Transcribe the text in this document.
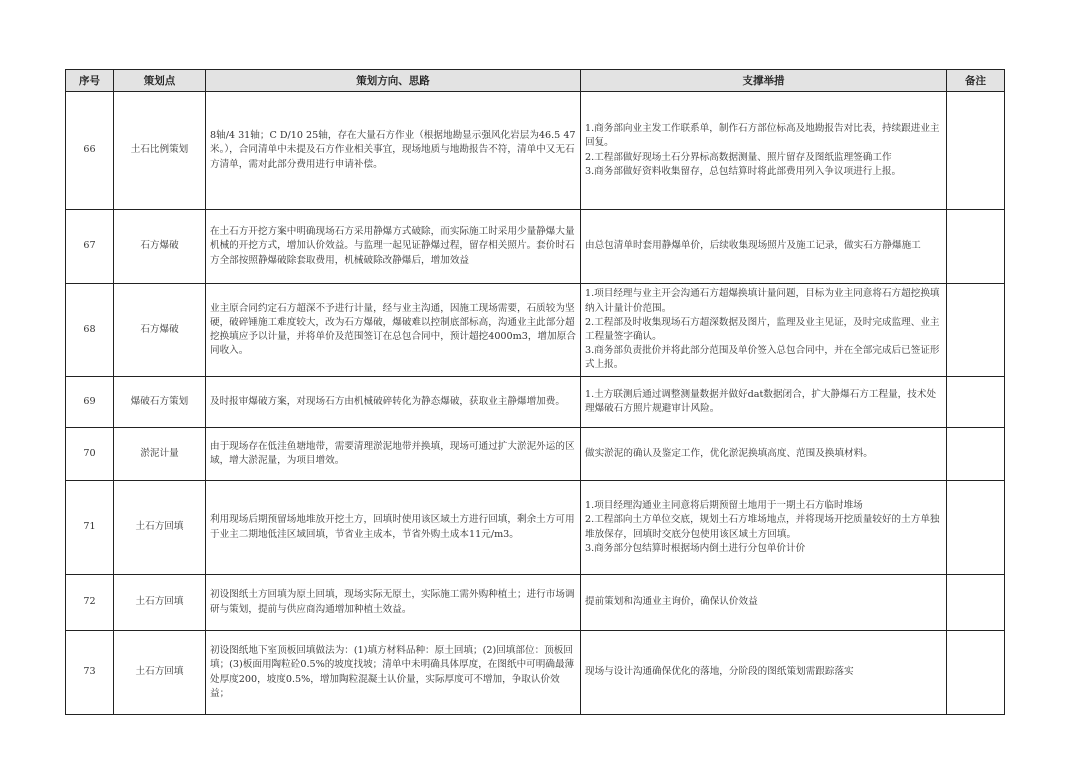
序号	策划点	策划方向、思路	支撑举措	备注
66	土石比例策划	8轴/4 31轴；C D/10 25轴，存在大量石方作业（根据地勘显示强风化岩层为46.5 47米。），合同清单中未提及石方作业相关事宜，现场地质与地勘报告不符，清单中又无石方清单，需对此部分费用进行申请补偿。	1.商务部向业主发工作联系单，制作石方部位标高及地勘报告对比表，持续跟进业主回复。
2.工程部做好现场土石分界标高数据测量、照片留存及图纸监理签确工作
3.商务部做好资料收集留存，总包结算时将此部费用列入争议项进行上报。	

67	石方爆破	在土石方开挖方案中明确现场石方采用静爆方式破除，而实际施工时采用少量静爆大量机械的开挖方式，增加认价效益。与监理一起见证静爆过程，留存相关照片。套价时石方全部按照静爆破除套取费用，机械破除改静爆后，增加效益	由总包清单时套用静爆单价，后续收集现场照片及施工记录，做实石方静爆施工	

68	石方爆破	业主原合同约定石方超深不予进行计量，经与业主沟通，因施工现场需要，石质较为坚硬，破碎锤施工难度较大，改为石方爆破，爆破难以控制底部标高，沟通业主此部分超挖换填应予以计量，并将单价及范围签订在总包合同中，预计超挖4000m3，增加原合同收入。	1.项目经理与业主开会沟通石方超爆换填计量问题，目标为业主同意将石方超挖换填纳入计量计价范围。
2.工程部及时收集现场石方超深数据及图片，监理及业主见证，及时完成监理、业主工程量签字确认。
3.商务部负责批价并将此部分范围及单价签入总包合同中，并在全部完成后已签证形式上报。	

69	爆破石方策划	及时报审爆破方案，对现场石方由机械破碎转化为静态爆破，获取业主静爆增加费。	1.土方联测后通过调整测量数据并做好dat数据闭合，扩大静爆石方工程量，技术处理爆破石方照片规避审计风险。	

70	淤泥计量	由于现场存在低洼鱼塘地带，需要清理淤泥地带并换填，现场可通过扩大淤泥外运的区域，增大淤泥量，为项目增效。	做实淤泥的确认及鉴定工作，优化淤泥换填高度、范围及换填材料。	

71	土石方回填	利用现场后期预留场地堆放开挖土方，回填时使用该区域土方进行回填，剩余土方可用于业主二期地低洼区域回填，节省业主成本，节省外购土成本11元/m3。	1.项目经理沟通业主同意将后期预留土地用于一期土石方临时堆场
2.工程部向土方单位交底，规划土石方堆场地点，并将现场开挖质量较好的土方单独堆放保存，回填时交底分包使用该区域土方回填。
3.商务部分包结算时根据场内倒土进行分包单价计价	

72	土石方回填	初设图纸土方回填为原土回填，现场实际无原土，实际施工需外购种植土；进行市场调研与策划，提前与供应商沟通增加种植土效益。	提前策划和沟通业主询价，确保认价效益	

73	土石方回填	初设图纸地下室顶板回填做法为：(1)填方材料品种：原土回填；(2)回填部位：顶板回填；(3)板面用陶粒砼0.5%的坡度找坡；清单中未明确具体厚度，在图纸中可明确最薄处厚度200，坡度0.5%，增加陶粒混凝土认价量，实际厚度可不增加，争取认价效益；	现场与设计沟通确保优化的落地，分阶段的图纸策划需跟踪落实	
